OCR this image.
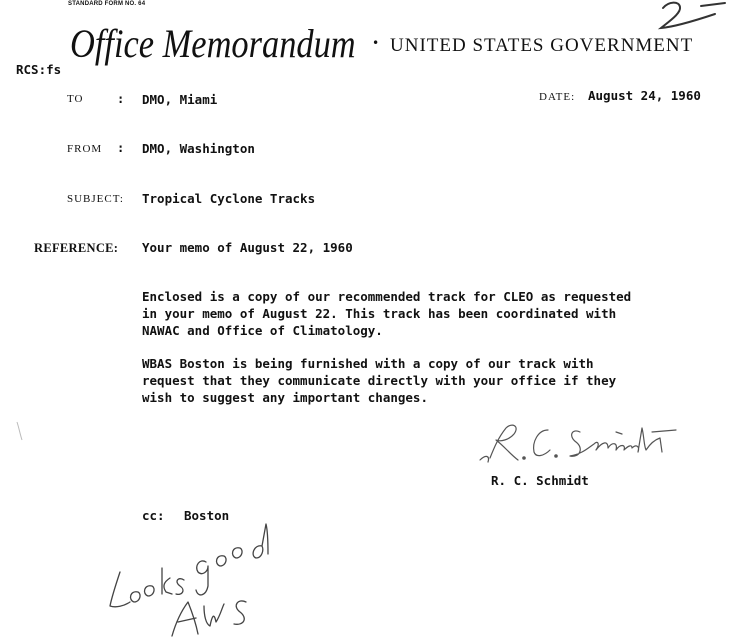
STANDARD FORM NO. 64
Office Memorandum • UNITED STATES GOVERNMENT
RCS:fs
TO	: DMO, Miami	DATE: August 24, 1960
FROM : DMO, Washington
SUBJECT: Tropical Cyclone Tracks
REFERENCE: Your memo of August 22, 1960
Enclosed is a copy of our recommended track for CLEO as requested
in your memo of August 22. This track has been coordinated with
NAWAC and Office of Climatology.
WBAS Boston is being furnished with a copy of our track with
request that they communicate directly with your office if they
wish to suggest any important changes.
R. C. Schmidt
cc: Boston
